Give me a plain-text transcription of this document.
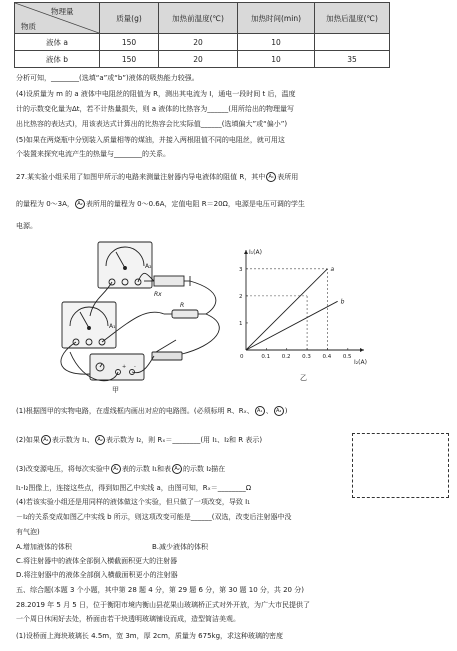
物理量
物质	质量(g)	加热前温度(℃)	加热时间(min)	加热后温度(℃)
液体 a	150	20	10	
液体 b	150	20	10	35
分析可知，________(选填“a”或“b”)液体的吸热能力较强。
(4)设质量为 m 的 a 液体中电阻丝的阻值为 R，测出其电流为 I，通电一段时间 t 后，温度
计的示数变化量为Δt，若不计热量损失，则 a 液体的比热容为______(用所给出的物理量写
出比热容的表达式)，用该表达式计算出的比热容会比实际值______(选填偏大”或“偏小”)
(5)如果在两烧瓶中分别装入质量相等的煤油，并接入两根阻值不同的电阻丝，就可用这
个装置来探究电流产生的热量与________的关系。
27.某实验小组采用了如图甲所示的电路来测量注射器内导电液体的阻值 R，其中 A₁ 表所用
的量程为 0～3A， A₂ 表所用的量程为 0～0.6A，定值电阻 R＝20Ω，电源是电压可调的学生
电源。
A₂
A₁
Rx
R
+ -
甲
a
b
0.1 0.2 0.3 0.4 0.5
1
2
3
0
I₁(A)
I₂(A)
乙
(1)根据图甲的实物电路，在虚线框内画出对应的电路图。(必须标明 R、Rₓ、 A₁ 、 A₂ )
(2)如果 A₁ 表示数为 I₁、 A₂ 表示数为 I₂，则 Rₓ＝________(用 I₁、I₂和 R 表示)
(3)改变源电压，将每次实验中 A₁ 表的示数 I₁和表 A₂ 的示数 I₂描在
I₁-I₂图像上，连接这些点，得到如图乙中实线 a，由图可知，Rₓ＝________Ω
(4)若该实验小组还是用同样的液体做这个实验，但只做了一项改变，导致 I₁
－I₂的关系变成如图乙中实线 b 所示，则这项改变可能是______(双选，改变后注射器中没
有气泡)
A.增加液体的体积	B.减少液体的体积
C.将注射器中的液体全部倒入横截面积更大的注射器
D.将注射器中的液体全部倒入横截面积更小的注射器
五、综合题(本题 3 个小题，其中第 28 题 4 分，第 29 题 6 分，第 30 题 10 分，共 20 分)
28.2019 年 5 月 5 日，位于衡阳市境内衡山县花果山玻璃桥正式对外开放，为广大市民提供了
一个周日休闲好去处，桥面由若干块透明玻璃铺设而成，造型简洁美观。
(1)设桥面上海块玻璃长 4.5m，宽 3m，厚 2cm，质量为 675kg，求这种玻璃的密度
